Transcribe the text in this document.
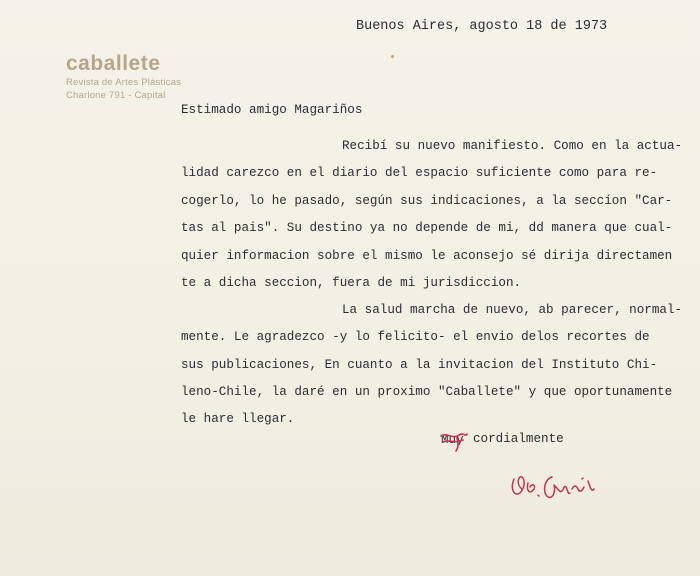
caballete
Revista de Artes Plásticas
Charlone 791 - Capital
Buenos Aires, agosto 18 de 1973
Estimado amigo Magariños
Recibí su nuevo manifiesto. Como en la actua-
lidad carezco en el diario del espacio suficiente como para re-
cogerlo, lo he pasado, según sus indicaciones, a la seccíon "Car-
tas al pais". Su destino ya no depende de mi, dd manera que cual-
quier informacion sobre el mismo le aconsejo sé dirija directamen
te a dicha seccion, fuera de mi jurisdiccion.
La salud marcha de nuevo, ab parecer, normal-
mente. Le agradezco -y lo felicito- el envio delos recortes de
sus publicaciones, En cuanto a la invitacion del Instituto Chi-
leno-Chile, la daré en un proximo "Caballete" y que oportunamente
le hare llegar.
Muy cordialmente
